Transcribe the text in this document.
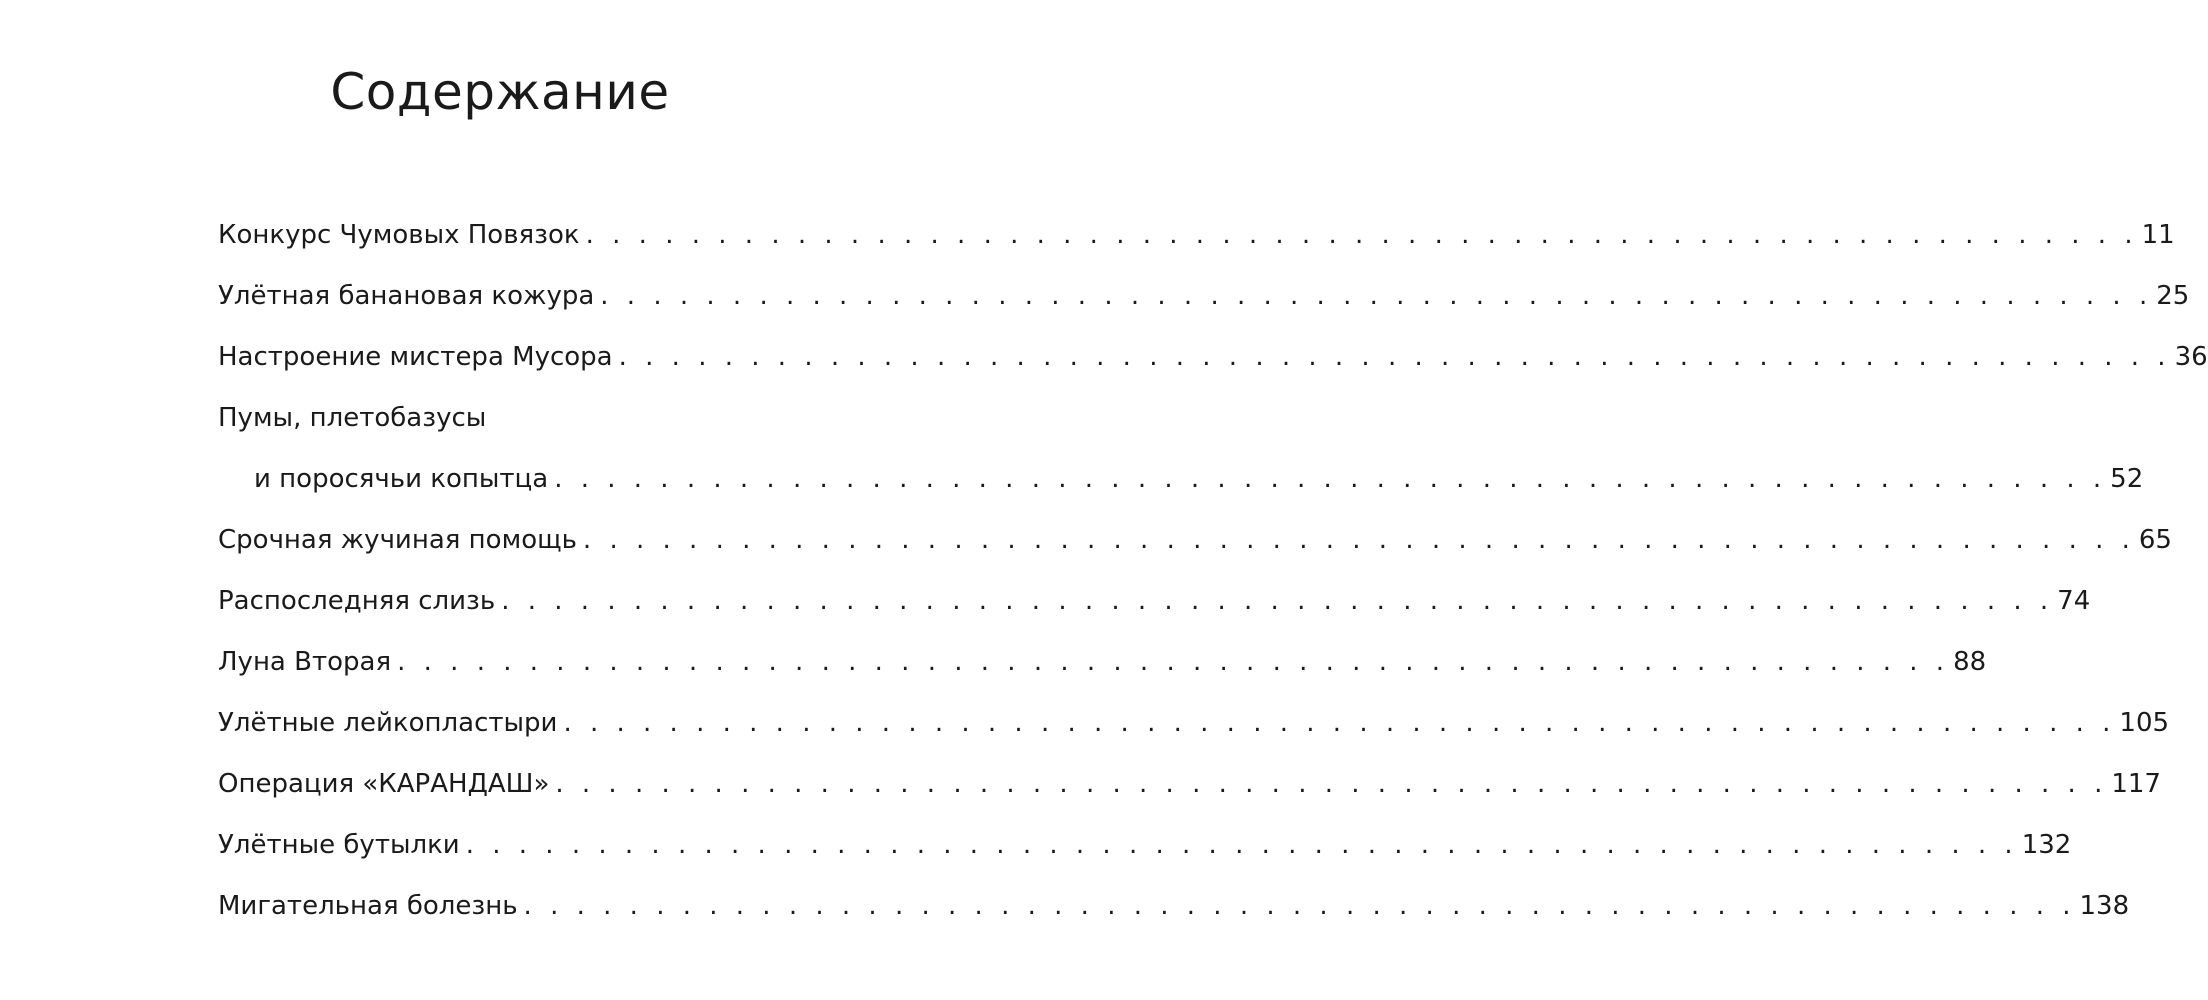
Содержание
Конкурс Чумовых Повязок . . . . . . . . . . . . . . . . . . . . . . . . . . . . . . . . . . . . . . . . . . . . . . . . . . . . . . . . . . . 11
Улётная банановая кожура . . . . . . . . . . . . . . . . . . . . . . . . . . . . . . . . . . . . . . . . . . . . . . . . . . . . . . . . . . . 25
Настроение мистера Мусора . . . . . . . . . . . . . . . . . . . . . . . . . . . . . . . . . . . . . . . . . . . . . . . . . . . . . . . . . . . 36
Пумы, плетобазусы
и поросячьи копытца . . . . . . . . . . . . . . . . . . . . . . . . . . . . . . . . . . . . . . . . . . . . . . . . . . . . . . . . . . . 52
Срочная жучиная помощь . . . . . . . . . . . . . . . . . . . . . . . . . . . . . . . . . . . . . . . . . . . . . . . . . . . . . . . . . . . 65
Распоследняя слизь . . . . . . . . . . . . . . . . . . . . . . . . . . . . . . . . . . . . . . . . . . . . . . . . . . . . . . . . . . . 74
Луна Вторая . . . . . . . . . . . . . . . . . . . . . . . . . . . . . . . . . . . . . . . . . . . . . . . . . . . . . . . . . . . 88
Улётные лейкопластыри . . . . . . . . . . . . . . . . . . . . . . . . . . . . . . . . . . . . . . . . . . . . . . . . . . . . . . . . . . . 105
Операция «КАРАНДАШ» . . . . . . . . . . . . . . . . . . . . . . . . . . . . . . . . . . . . . . . . . . . . . . . . . . . . . . . . . . . 117
Улётные бутылки . . . . . . . . . . . . . . . . . . . . . . . . . . . . . . . . . . . . . . . . . . . . . . . . . . . . . . . . . . . 132
Мигательная болезнь . . . . . . . . . . . . . . . . . . . . . . . . . . . . . . . . . . . . . . . . . . . . . . . . . . . . . . . . . . . 138
